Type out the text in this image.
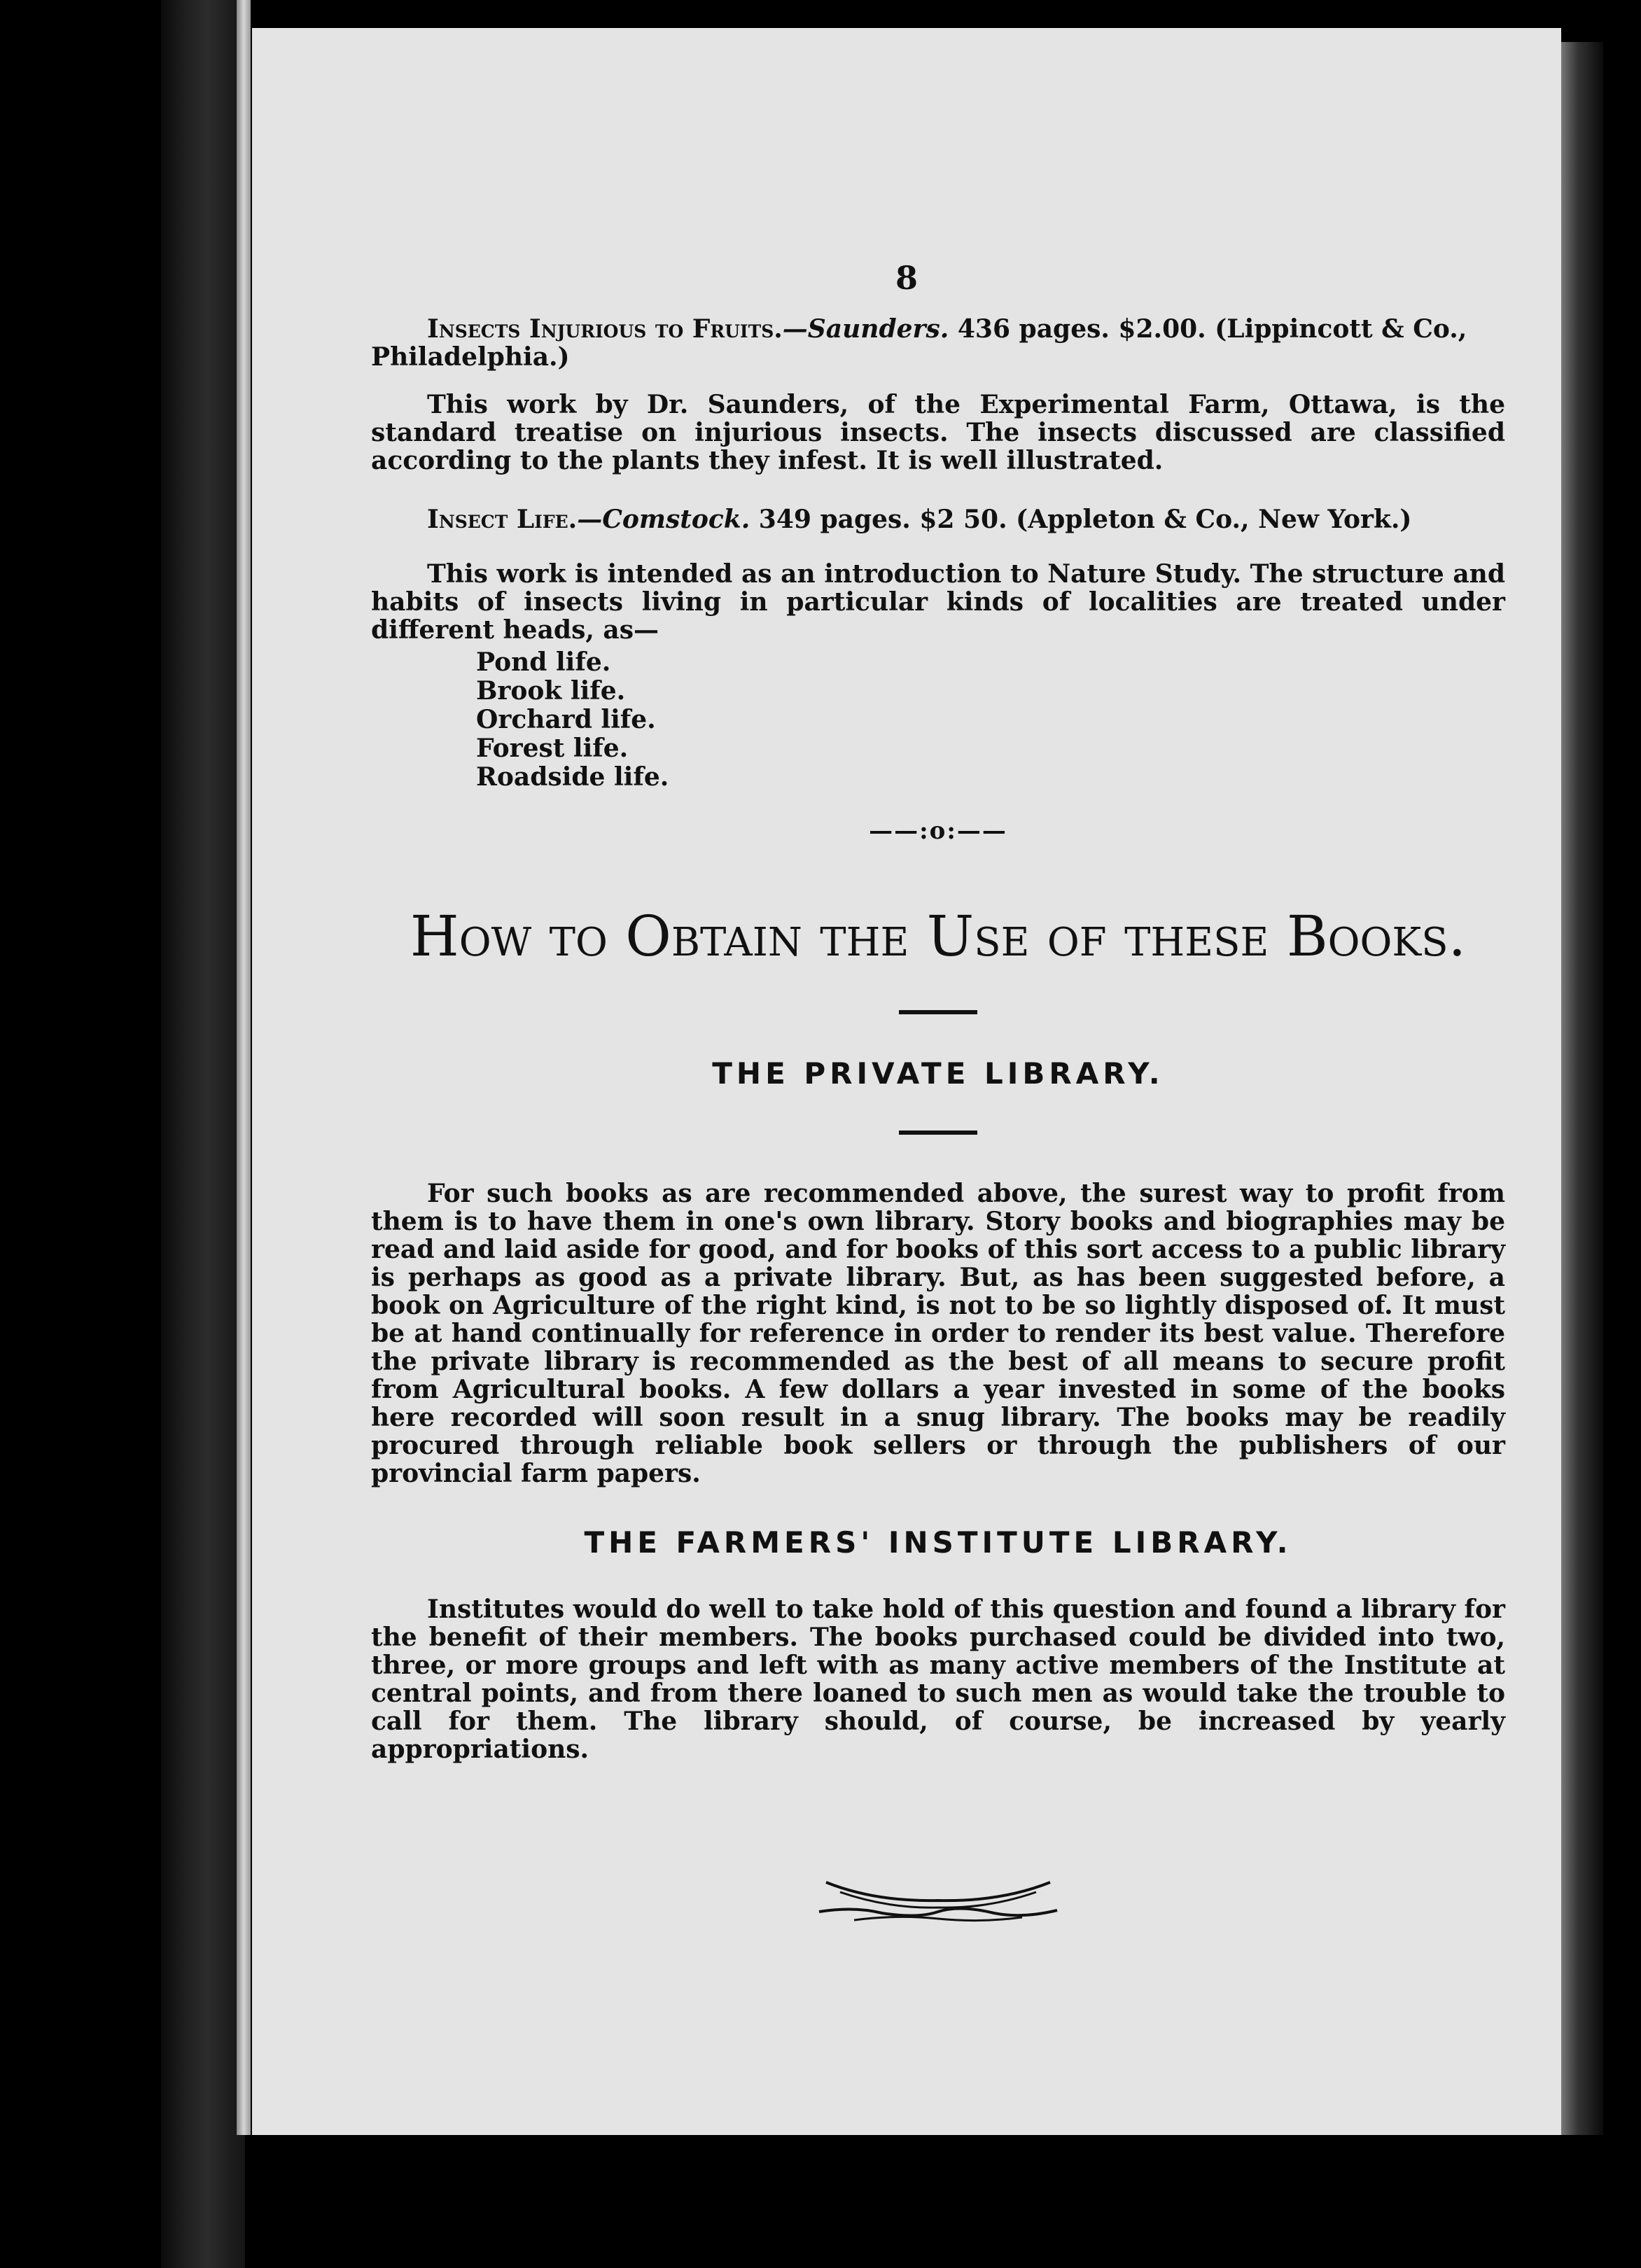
8

Insects Injurious to Fruits.—Saunders. 436 pages. $2.00. (Lippincott & Co., Philadelphia.)

This work by Dr. Saunders, of the Experimental Farm, Ottawa, is the standard treatise on injurious insects. The insects discussed are classified according to the plants they infest. It is well illustrated.

Insect Life.—Comstock. 349 pages. $2 50. (Appleton & Co., New York.)

This work is intended as an introduction to Nature Study. The structure and habits of insects living in particular kinds of localities are treated under different heads, as—

Pond life.
Brook life.
Orchard life.
Forest life.
Roadside life.
——:o:——
How to Obtain the Use of these Books.
THE PRIVATE LIBRARY.

For such books as are recommended above, the surest way to profit from them is to have them in one's own library. Story books and biographies may be read and laid aside for good, and for books of this sort access to a public library is perhaps as good as a private library. But, as has been suggested before, a book on Agriculture of the right kind, is not to be so lightly disposed of. It must be at hand continually for reference in order to render its best value. Therefore the private library is recommended as the best of all means to secure profit from Agricultural books. A few dollars a year invested in some of the books here recorded will soon result in a snug library. The books may be readily procured through reliable book sellers or through the publishers of our provincial farm papers.

THE FARMERS' INSTITUTE LIBRARY.

Institutes would do well to take hold of this question and found a library for the benefit of their members. The books purchased could be divided into two, three, or more groups and left with as many active members of the Institute at central points, and from there loaned to such men as would take the trouble to call for them. The library should, of course, be increased by yearly appropriations.
